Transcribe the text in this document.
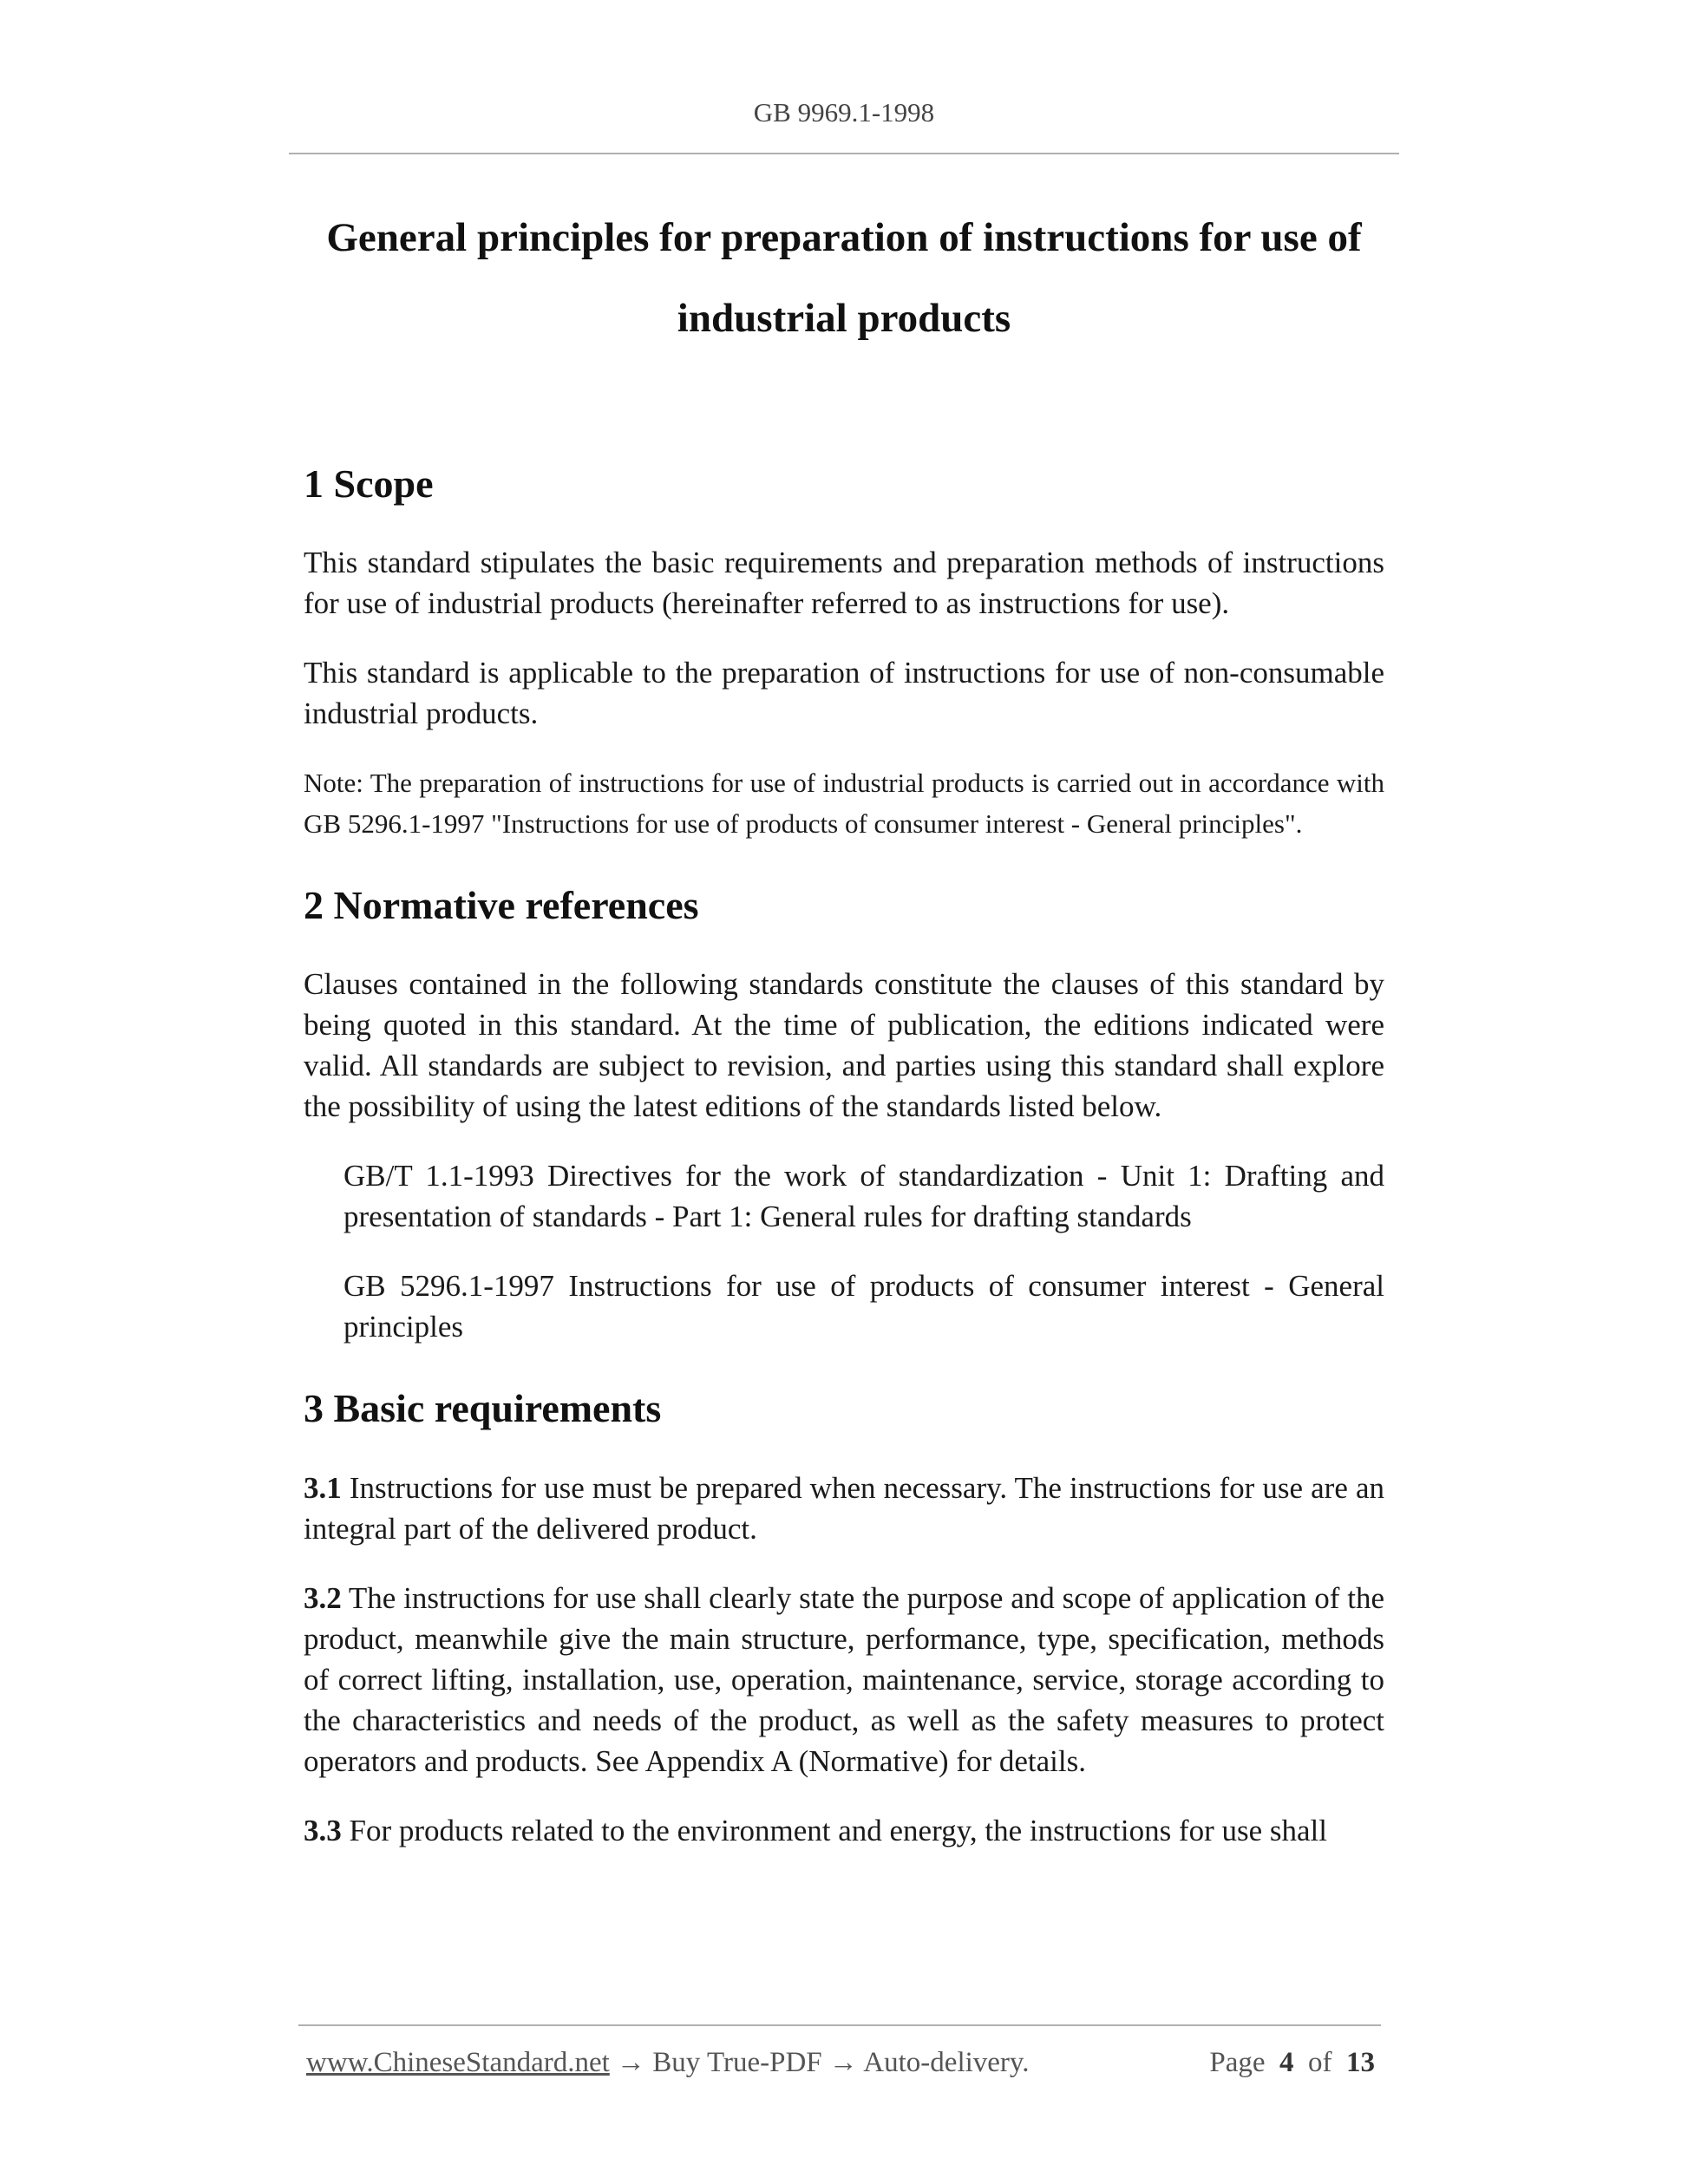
GB 9969.1-1998
General principles for preparation of instructions for use of
industrial products
1 Scope

This standard stipulates the basic requirements and preparation methods of instructions for use of industrial products (hereinafter referred to as instructions for use).

This standard is applicable to the preparation of instructions for use of non-consumable industrial products.

Note: The preparation of instructions for use of industrial products is carried out in accordance with GB 5296.1-1997 "Instructions for use of products of consumer interest - General principles".

2 Normative references

Clauses contained in the following standards constitute the clauses of this standard by being quoted in this standard. At the time of publication, the editions indicated were valid. All standards are subject to revision, and parties using this standard shall explore the possibility of using the latest editions of the standards listed below.

GB/T 1.1-1993 Directives for the work of standardization - Unit 1: Drafting and presentation of standards - Part 1: General rules for drafting standards

GB 5296.1-1997 Instructions for use of products of consumer interest - General principles

3 Basic requirements

3.1 Instructions for use must be prepared when necessary. The instructions for use are an integral part of the delivered product.

3.2 The instructions for use shall clearly state the purpose and scope of application of the product, meanwhile give the main structure, performance, type, specification, methods of correct lifting, installation, use, operation, maintenance, service, storage according to the characteristics and needs of the product, as well as the safety measures to protect operators and products. See Appendix A (Normative) for details.

3.3 For products related to the environment and energy, the instructions for use shall

www.ChineseStandard.net → Buy True-PDF → Auto-delivery.	Page 4 of 13
